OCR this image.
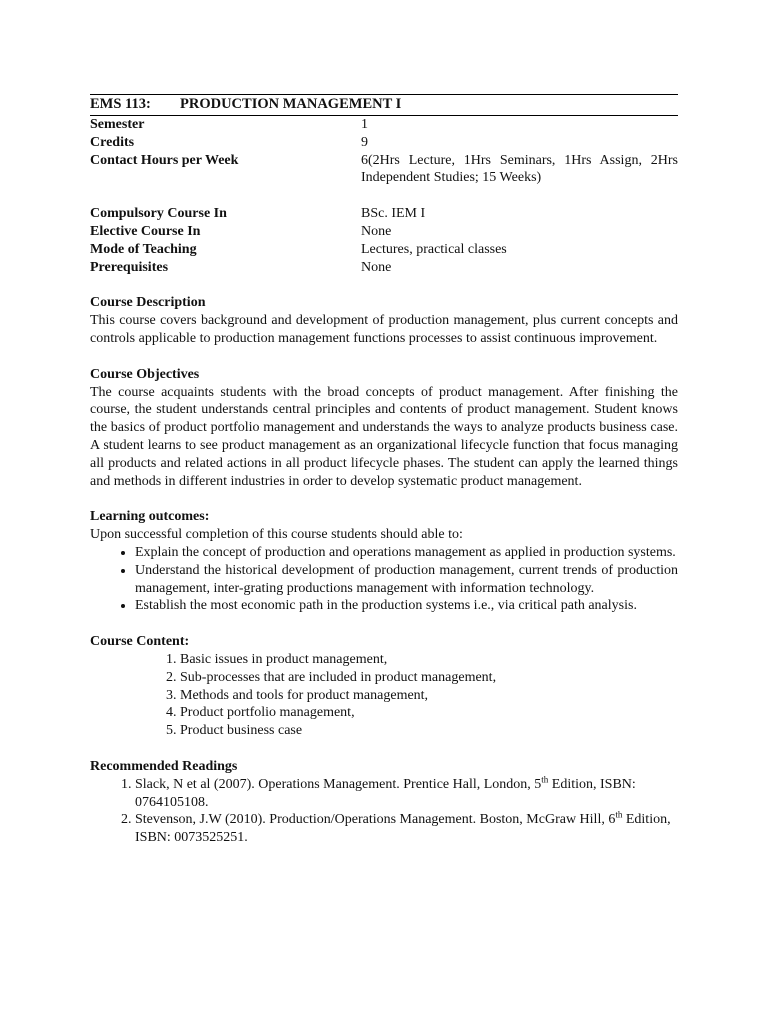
EMS 113:	PRODUCTION MANAGEMENT I
Semester	1
Credits	9
Contact Hours per Week	6(2Hrs Lecture, 1Hrs Seminars, 1Hrs Assign, 2Hrs Independent Studies; 15 Weeks)
Compulsory Course In	BSc. IEM I
Elective Course In	None
Mode of Teaching	Lectures, practical classes
Prerequisites	None
Course Description
This course covers background and development of production management, plus current concepts and controls applicable to production management functions processes to assist continuous improvement.
Course Objectives
The course acquaints students with the broad concepts of product management. After finishing the course, the student understands central principles and contents of product management. Student knows the basics of product portfolio management and understands the ways to analyze products business case. A student learns to see product management as an organizational lifecycle function that focus managing all products and related actions in all product lifecycle phases. The student can apply the learned things and methods in different industries in order to develop systematic product management.
Learning outcomes:
Upon successful completion of this course students should able to:
• Explain the concept of production and operations management as applied in production systems.
• Understand the historical development of production management, current trends of production management, inter-grating productions management with information technology.
• Establish the most economic path in the production systems i.e., via critical path analysis.
Course Content:
1. Basic issues in product management,
2. Sub-processes that are included in product management,
3. Methods and tools for product management,
4. Product portfolio management,
5. Product business case
Recommended Readings
1. Slack, N et al (2007). Operations Management. Prentice Hall, London, 5th Edition, ISBN: 0764105108.
2. Stevenson, J.W (2010). Production/Operations Management. Boston, McGraw Hill, 6th Edition, ISBN: 0073525251.
